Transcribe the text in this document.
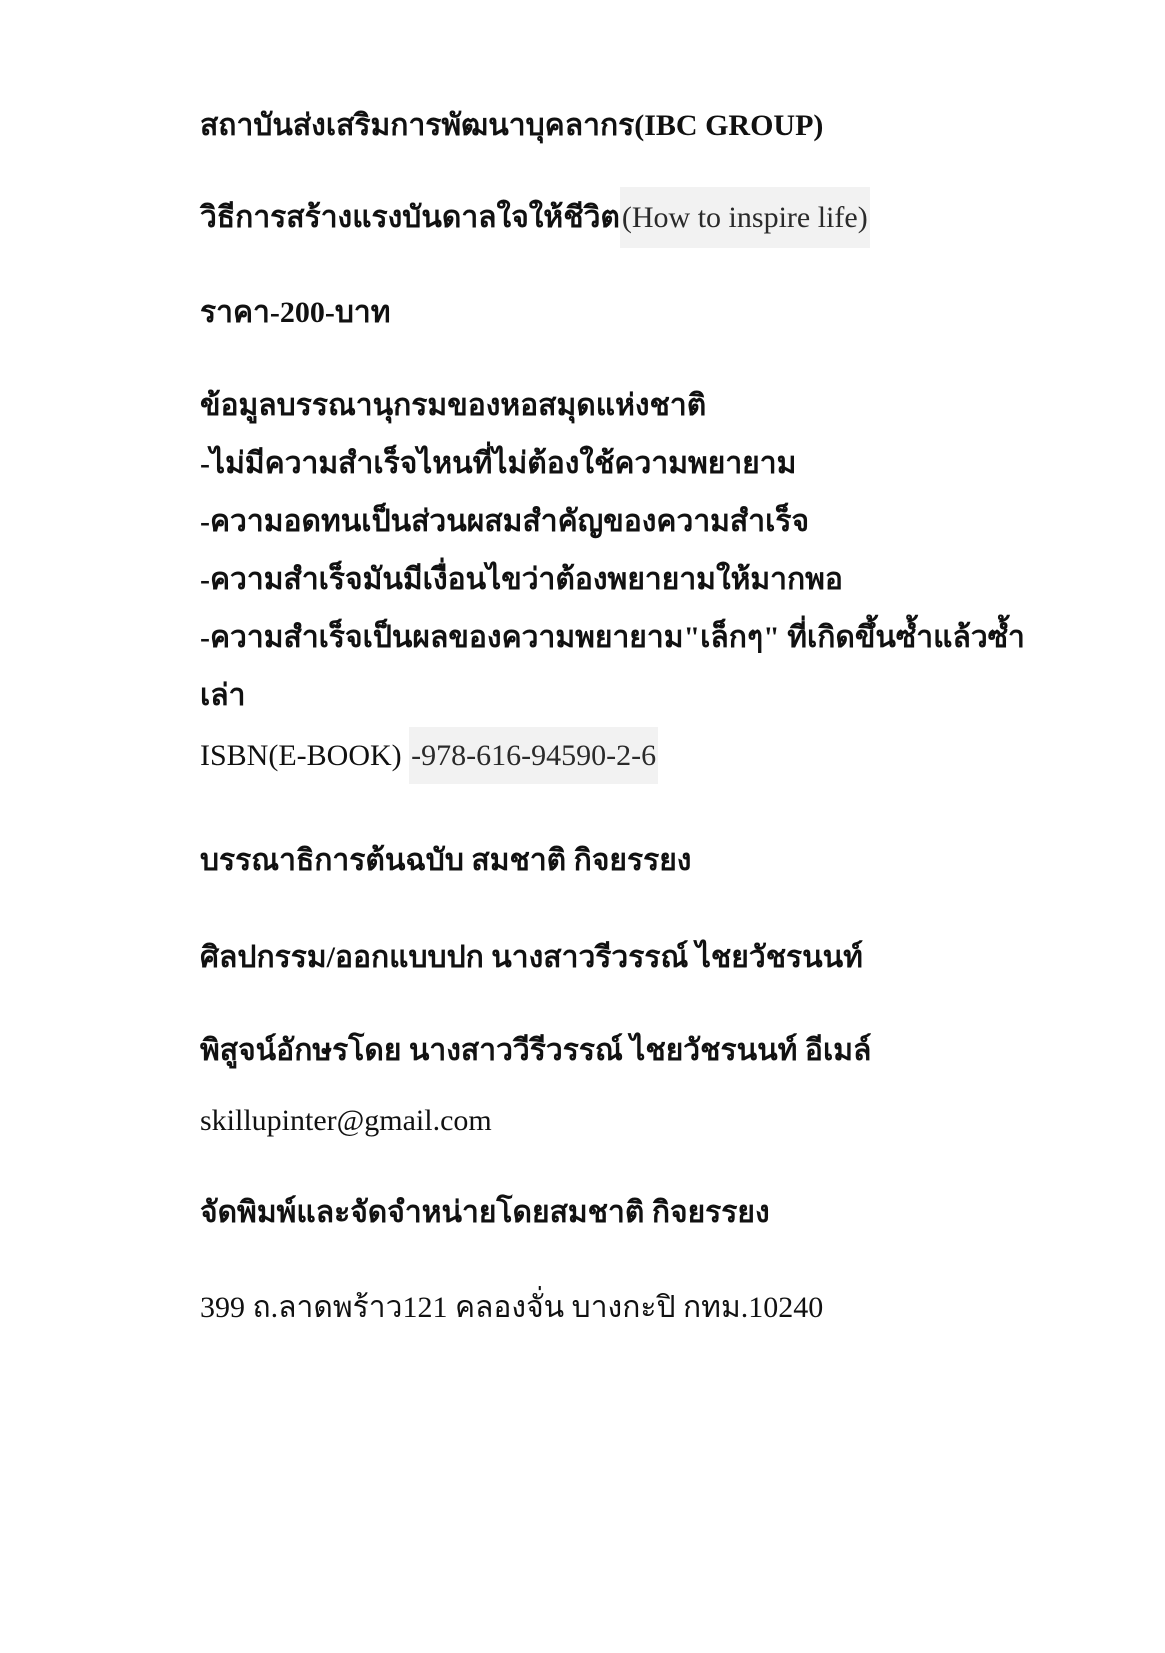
สถาบันส่งเสริมการพัฒนาบุคลากร(IBC GROUP)
วิธีการสร้างแรงบันดาลใจให้ชีวิต(How to inspire life)
ราคา-200-บาท
ข้อมูลบรรณานุกรมของหอสมุดแห่งชาติ
-ไม่มีความสำเร็จไหนที่ไม่ต้องใช้ความพยายาม
-ความอดทนเป็นส่วนผสมสำคัญของความสำเร็จ
-ความสำเร็จมันมีเงื่อนไขว่าต้องพยายามให้มากพอ
-ความสำเร็จเป็นผลของความพยายาม"เล็กๆ" ที่เกิดขึ้นซ้ำแล้วซ้ำ
เล่า
ISBN(E-BOOK) -978-616-94590-2-6
บรรณาธิการต้นฉบับ สมชาติ กิจยรรยง
ศิลปกรรม/ออกแบบปก นางสาวรีวรรณ์ ไชยวัชรนนท์
พิสูจน์อักษรโดย นางสาววีรีวรรณ์ ไชยวัชรนนท์ อีเมล์
skillupinter@gmail.com
จัดพิมพ์และจัดจำหน่ายโดยสมชาติ กิจยรรยง
399 ถ.ลาดพร้าว121 คลองจั่น บางกะปิ กทม.10240
